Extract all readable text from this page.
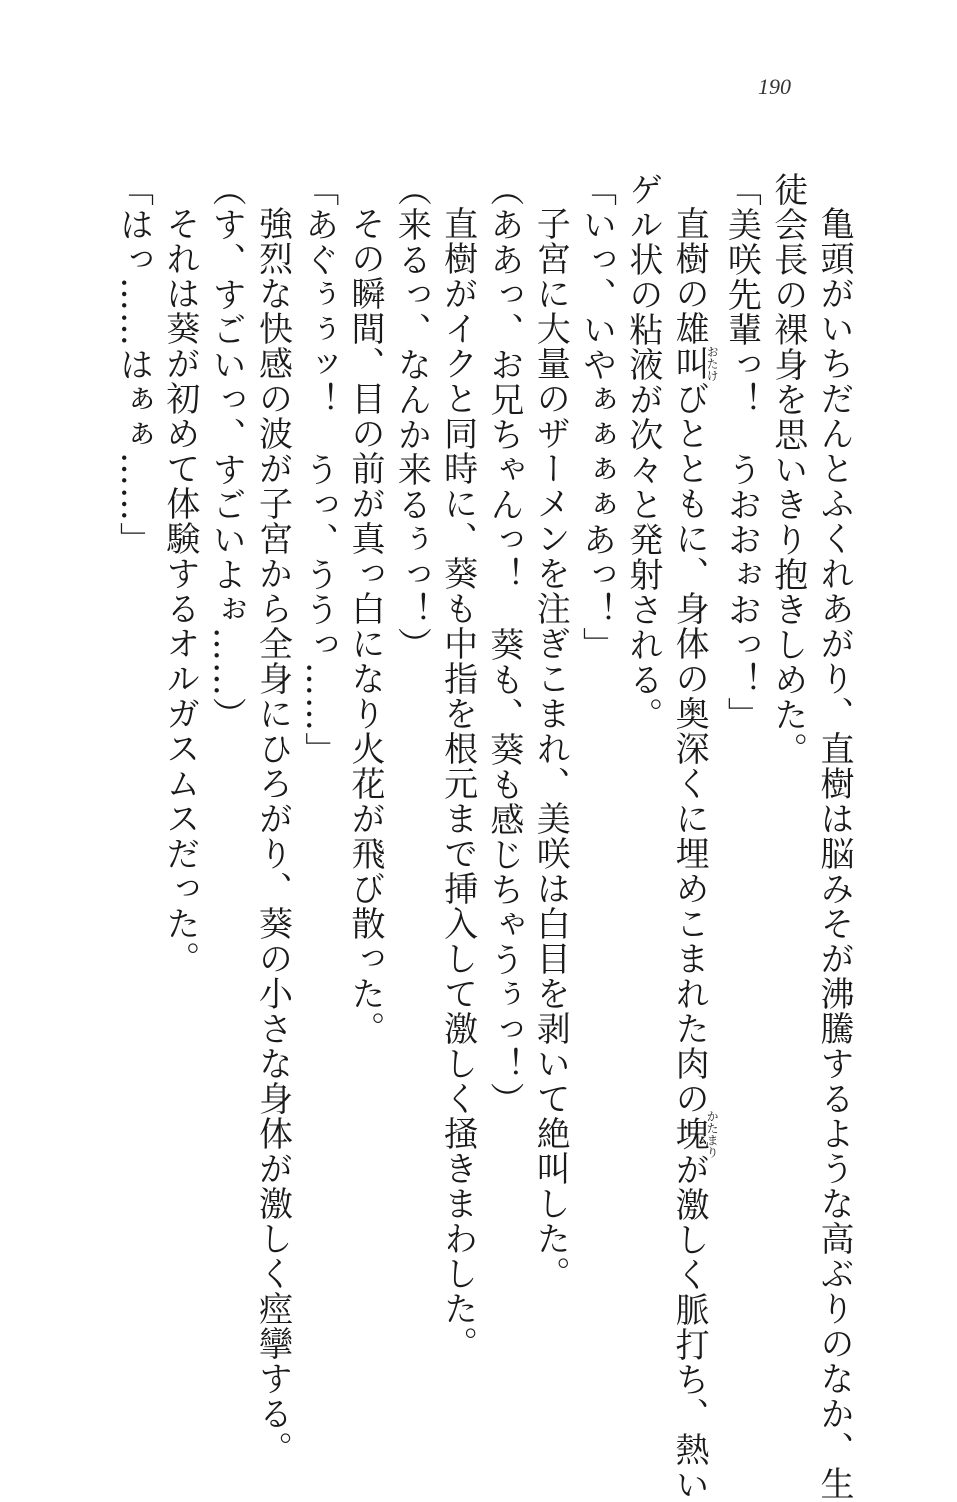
190
亀頭がいちだんとふくれあがり、直樹は脳みそが沸騰するような高ぶりのなか、生
徒会長の裸身を思いきり抱きしめた。
「美咲先輩っ！　うおおぉおっ！」
直樹の雄叫おたけびとともに、身体の奥深くに埋めこまれた肉の塊かたまりが激しく脈打ち、熱い
ゲル状の粘液が次々と発射される。
「いっ、いやぁぁぁぁあっ！」
子宮に大量のザーメンを注ぎこまれ、美咲は白目を剥いて絶叫した。
（ああっ、お兄ちゃんっ！　葵も、葵も感じちゃうぅっ！）
直樹がイクと同時に、葵も中指を根元まで挿入して激しく掻きまわした。
（来るっ、なんか来るぅっ！）
その瞬間、目の前が真っ白になり火花が飛び散った。
「あぐぅぅッ！　うっ、ううっ……」
強烈な快感の波が子宮から全身にひろがり、葵の小さな身体が激しく痙攣する。
（す、すごいっ、すごいよぉ……）
それは葵が初めて体験するオルガスムスだった。
「はっ……はぁぁ……」
